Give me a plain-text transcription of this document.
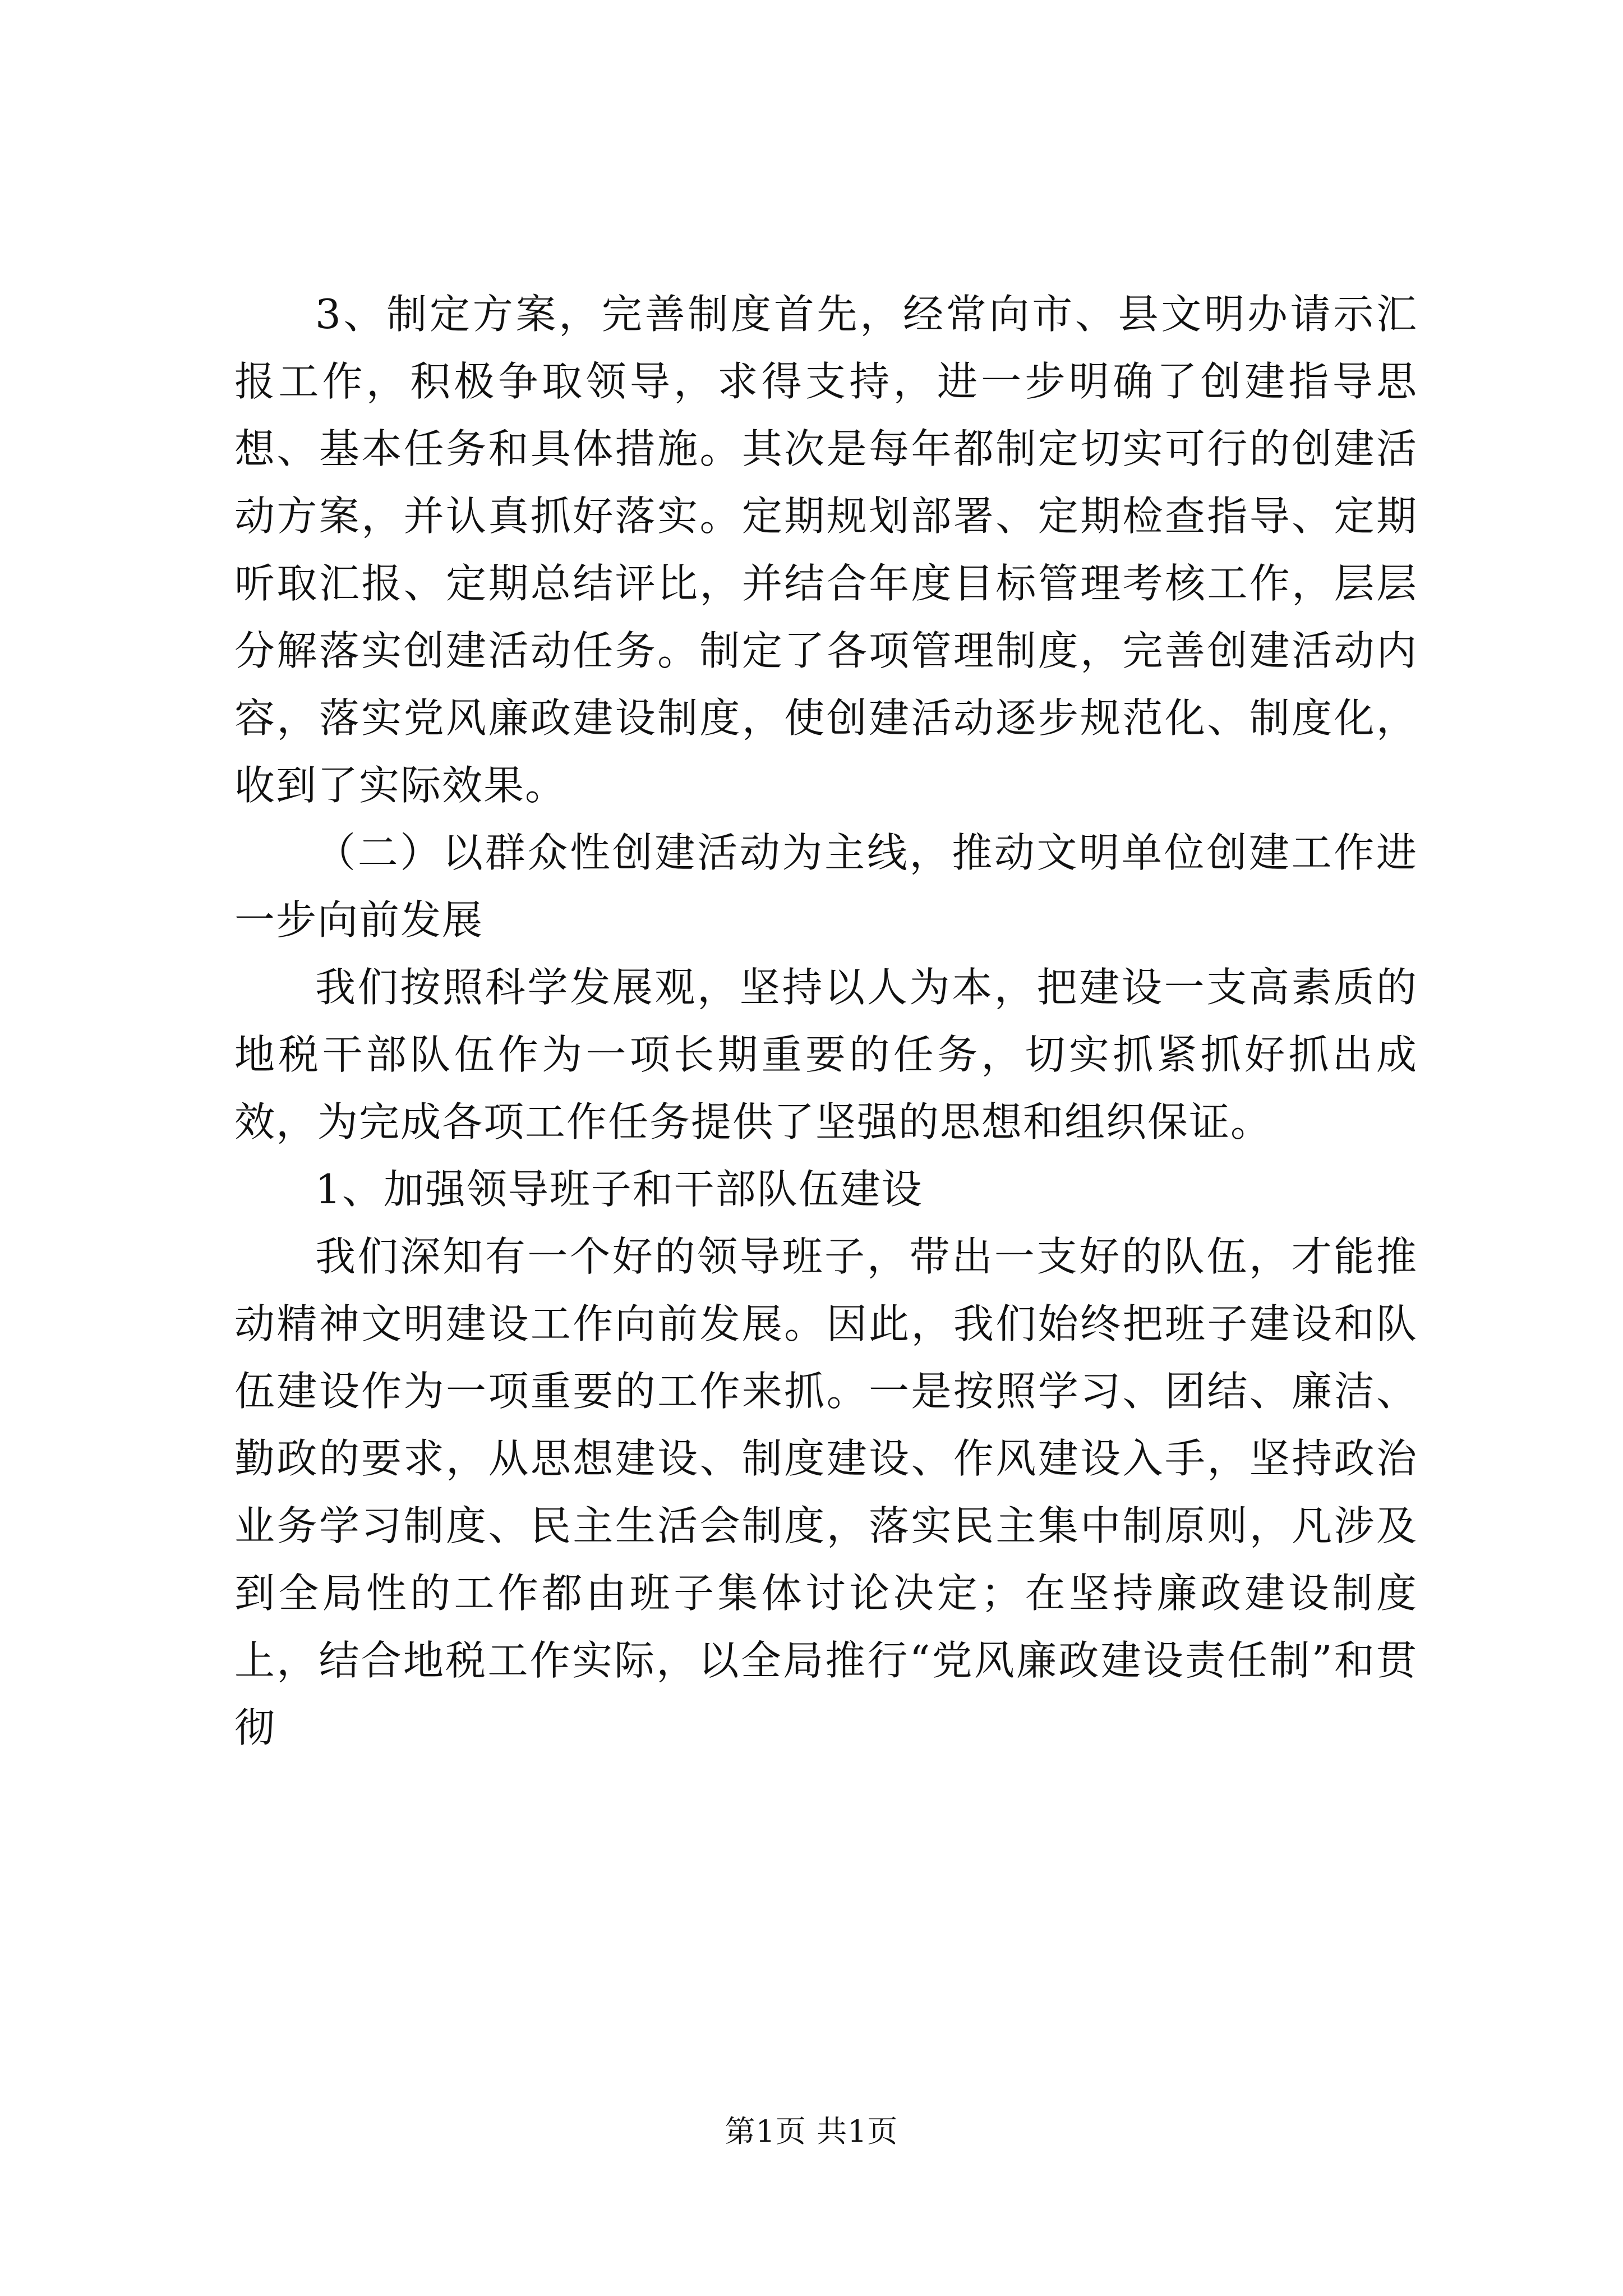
3、制定方案，完善制度首先，经常向市、县文明办请示汇报工作，积极争取领导，求得支持，进一步明确了创建指导思想、基本任务和具体措施。其次是每年都制定切实可行的创建活动方案，并认真抓好落实。定期规划部署、定期检查指导、定期听取汇报、定期总结评比，并结合年度目标管理考核工作，层层分解落实创建活动任务。制定了各项管理制度，完善创建活动内容，落实党风廉政建设制度，使创建活动逐步规范化、制度化，收到了实际效果。

（二）以群众性创建活动为主线，推动文明单位创建工作进一步向前发展

我们按照科学发展观，坚持以人为本，把建设一支高素质的地税干部队伍作为一项长期重要的任务，切实抓紧抓好抓出成效，为完成各项工作任务提供了坚强的思想和组织保证。

1、加强领导班子和干部队伍建设

我们深知有一个好的领导班子，带出一支好的队伍，才能推动精神文明建设工作向前发展。因此，我们始终把班子建设和队伍建设作为一项重要的工作来抓。一是按照学习、团结、廉洁、勤政的要求，从思想建设、制度建设、作风建设入手，坚持政治业务学习制度、民主生活会制度，落实民主集中制原则，凡涉及到全局性的工作都由班子集体讨论决定；在坚持廉政建设制度上，结合地税工作实际，以全局推行“党风廉政建设责任制”和贯彻

第1页 共1页
